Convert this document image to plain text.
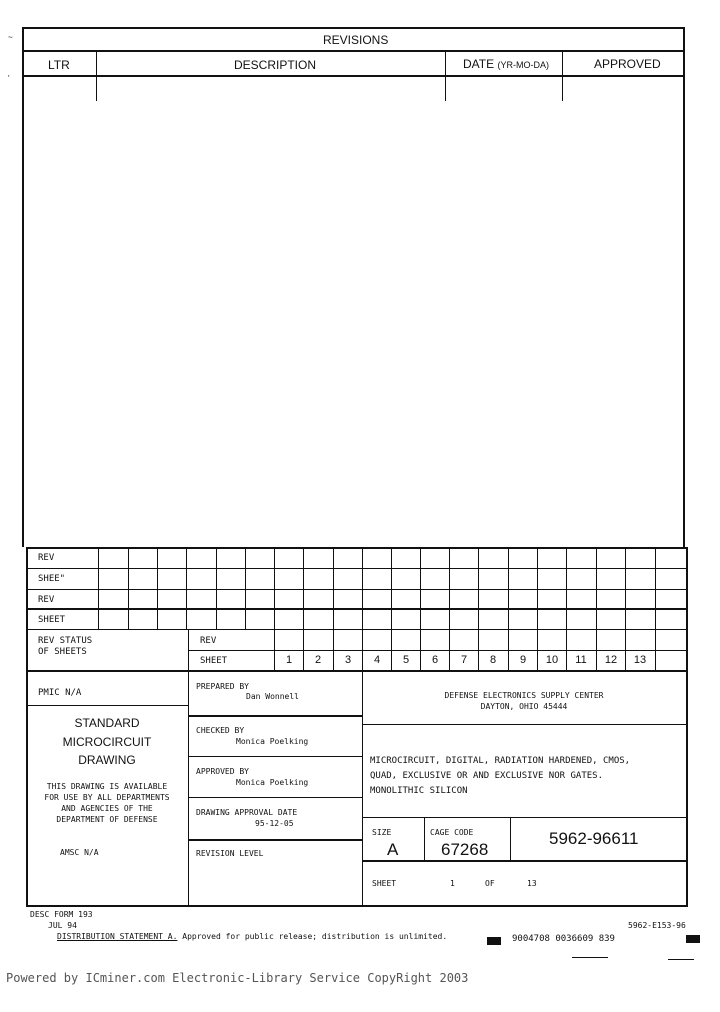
REVISIONS
LTR	DESCRIPTION	DATE (YR-MO-DA)	APPROVED
~
'
REV
SHEE"
REV
SHEET
REV STATUS
OF SHEETS
REV
SHEET	1	2	3	4	5	6	7	8	9	10	11	12	13
PMIC N/A
STANDARD
MICROCIRCUIT
DRAWING
THIS DRAWING IS AVAILABLE
FOR USE BY ALL DEPARTMENTS
AND AGENCIES OF THE
DEPARTMENT OF DEFENSE
AMSC N/A
PREPARED BY
Dan Wonnell
CHECKED BY
Monica Poelking
APPROVED BY
Monica Poelking
DRAWING APPROVAL DATE
95-12-05
REVISION LEVEL
DEFENSE ELECTRONICS SUPPLY CENTER
DAYTON, OHIO 45444
MICROCIRCUIT, DIGITAL, RADIATION HARDENED, CMOS,
QUAD, EXCLUSIVE OR AND EXCLUSIVE NOR GATES.
MONOLITHIC SILICON
SIZE
A
CAGE CODE
67268
5962-96611
SHEET	1	OF	13
DESC FORM 193
JUL 94	5962-E153-96
DISTRIBUTION STATEMENT A. Approved for public release; distribution is unlimited.	9004708 0036609 839
Powered by ICminer.com Electronic-Library Service CopyRight 2003
